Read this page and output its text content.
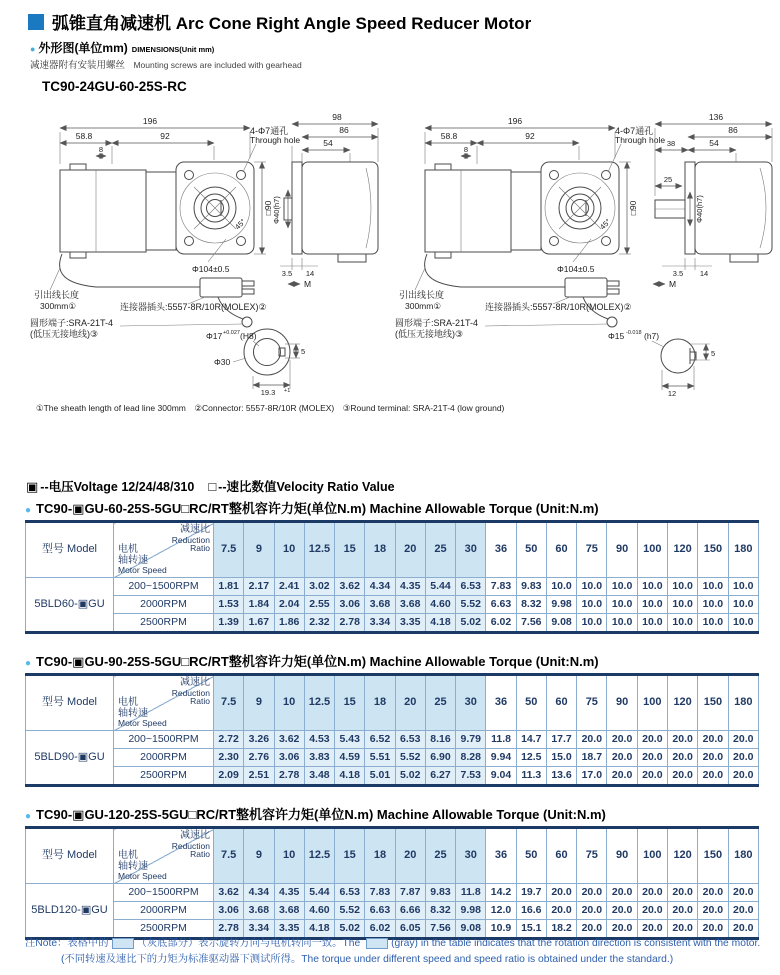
弧锥直角减速机 Arc Cone Right Angle Speed Reducer Motor
● 外形图(单位mm) DIMENSIONS(Unit mm)
减速器附有安装用螺丝 Mounting screws are included with gearhead
TC90-24GU-60-25S-RC
196
58.8	92
8
45°
4-Φ7通孔
Through hole
□90
Φ104±0.5
M
引出线长度
300mm①	连接器插头:5557-8R/10R(MOLEX)②
圆形端子:SRA-21T-4
(低压无接地线)③
98
86
54
Φ40(h7)
3.5 14
Φ17 +0.027 (H8)
Φ30
19.3 +1
5
136
86
38	54
25
Φ40(h7)
3.5 14
Φ15 -0.018 (h7)
12
5
①The sheath length of lead line 300mm　②Connector: 5557-8R/10R (MOLEX)　③Round terminal: SRA-21T-4 (low ground)
▣ --电压Voltage 12/24/48/310 □ --速比数值Velocity Ratio Value
● TC90-▣GU-60-25S-5GU□RC/RT整机容许力矩(单位N.m) Machine Allowable Torque (Unit:N.m)
型号 Model	
减速比
Reduction
Ratio
电机
轴转速
Motor Speed
	7.5	9	10	12.5	15	18	20	25	30	36	50	60	75	90	100	120	150	180
5BLD60-▣GU	200~1500RPM	1.81	2.17	2.41	3.02	3.62	4.34	4.35	5.44	6.53	7.83	9.83	10.0	10.0	10.0	10.0	10.0	10.0	10.0
	2000RPM	1.53	1.84	2.04	2.55	3.06	3.68	3.68	4.60	5.52	6.63	8.32	9.98	10.0	10.0	10.0	10.0	10.0	10.0
	2500RPM	1.39	1.67	1.86	2.32	2.78	3.34	3.35	4.18	5.02	6.02	7.56	9.08	10.0	10.0	10.0	10.0	10.0	10.0
● TC90-▣GU-90-25S-5GU□RC/RT整机容许力矩(单位N.m) Machine Allowable Torque (Unit:N.m)
型号 Model	
减速比
Reduction
Ratio
电机
轴转速
Motor Speed
	7.5	9	10	12.5	15	18	20	25	30	36	50	60	75	90	100	120	150	180
5BLD90-▣GU	200~1500RPM	2.72	3.26	3.62	4.53	5.43	6.52	6.53	8.16	9.79	11.8	14.7	17.7	20.0	20.0	20.0	20.0	20.0	20.0
	2000RPM	2.30	2.76	3.06	3.83	4.59	5.51	5.52	6.90	8.28	9.94	12.5	15.0	18.7	20.0	20.0	20.0	20.0	20.0
	2500RPM	2.09	2.51	2.78	3.48	4.18	5.01	5.02	6.27	7.53	9.04	11.3	13.6	17.0	20.0	20.0	20.0	20.0	20.0
● TC90-▣GU-120-25S-5GU□RC/RT整机容许力矩(单位N.m) Machine Allowable Torque (Unit:N.m)
型号 Model	
减速比
Reduction
Ratio
电机
轴转速
Motor Speed
	7.5	9	10	12.5	15	18	20	25	30	36	50	60	75	90	100	120	150	180
5BLD120-▣GU	200~1500RPM	3.62	4.34	4.35	5.44	6.53	7.83	7.87	9.83	11.8	14.2	19.7	20.0	20.0	20.0	20.0	20.0	20.0	20.0
	2000RPM	3.06	3.68	3.68	4.60	5.52	6.63	6.66	8.32	9.98	12.0	16.6	20.0	20.0	20.0	20.0	20.0	20.0	20.0
	2500RPM	2.78	3.34	3.35	4.18	5.02	6.02	6.05	7.56	9.08	10.9	15.1	18.2	20.0	20.0	20.0	20.0	20.0	20.0
注Note：表格中的	（灰底部分）表示旋转方向与电机转向一致。The	(gray) in the table indicates that the rotation direction is consistent with the motor.
(不同转速及速比下的力矩为标准驱动器下测试所得。The torque under different speed and speed ratio is obtained under the standard.)
